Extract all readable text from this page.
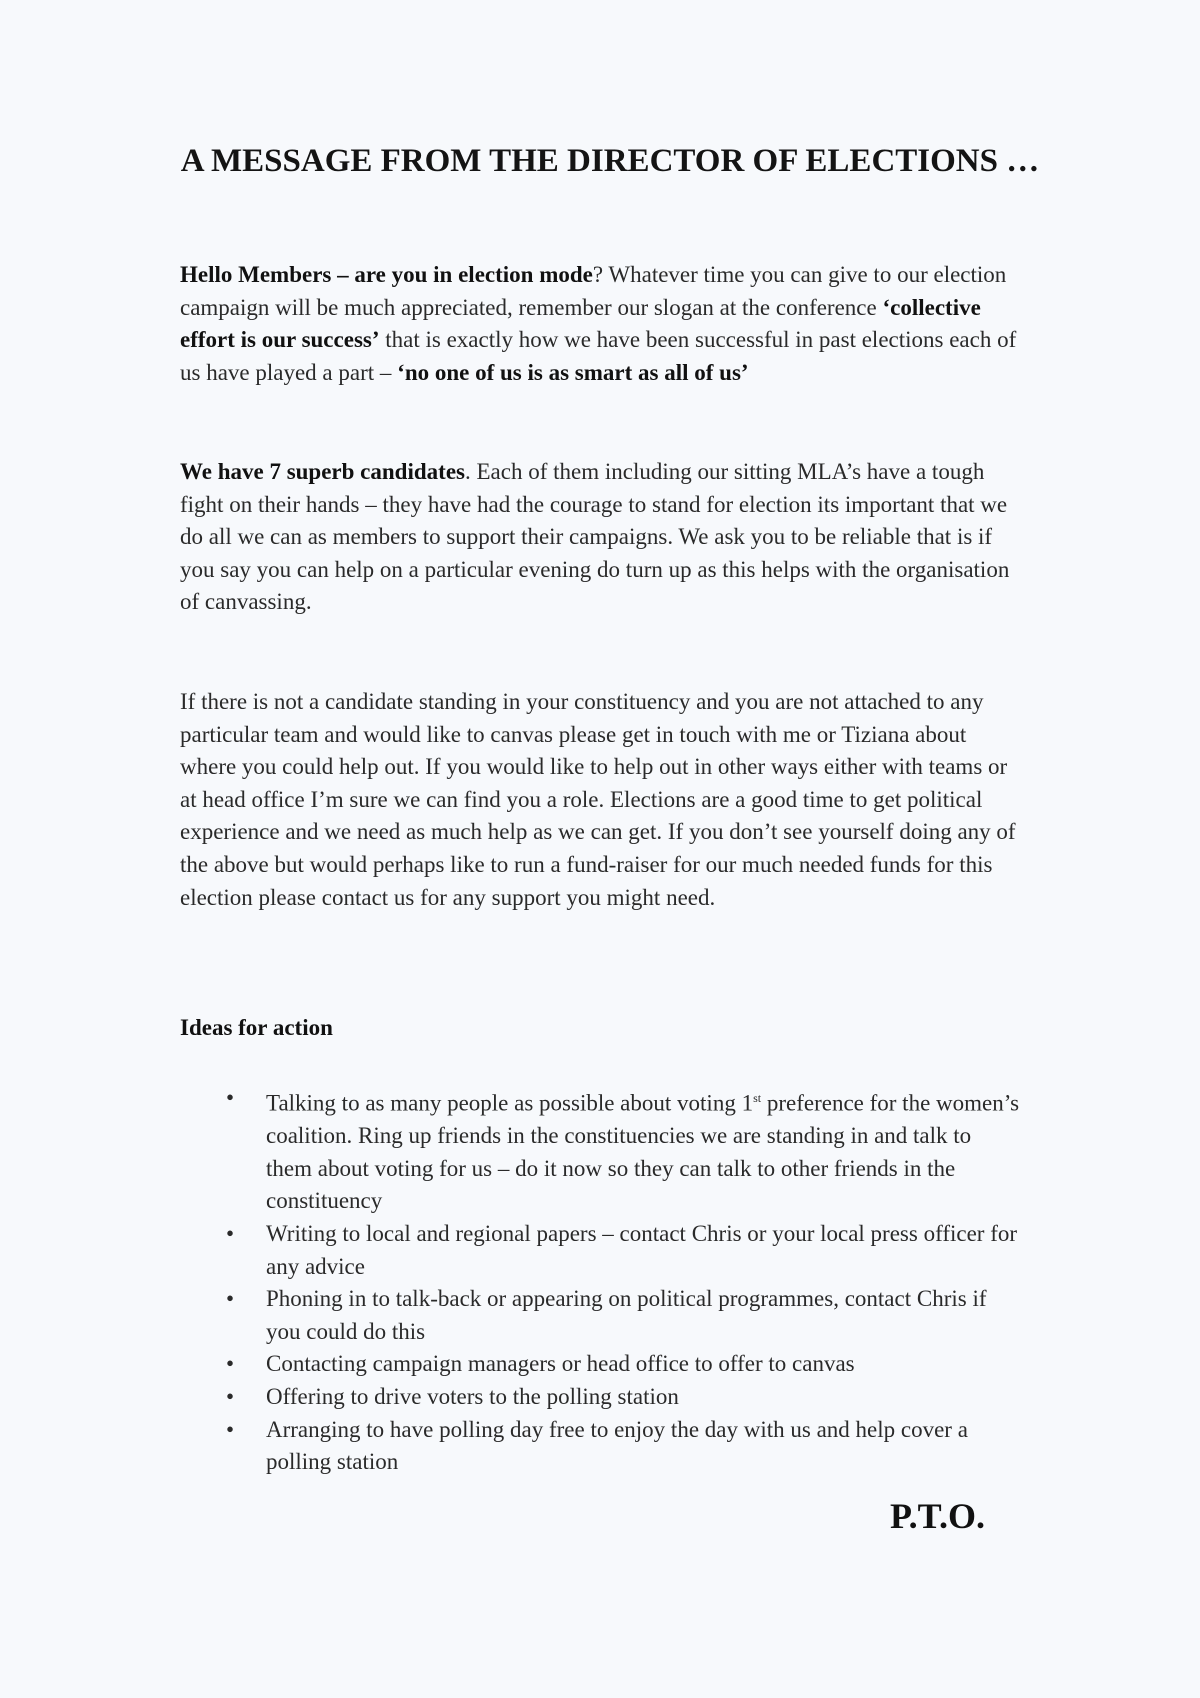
A MESSAGE FROM THE DIRECTOR OF ELECTIONS …
Hello Members – are you in election mode? Whatever time you can give to our election campaign will be much appreciated, remember our slogan at the conference ‘collective effort is our success’ that is exactly how we have been successful in past elections each of us have played a part – ‘no one of us is as smart as all of us’
We have 7 superb candidates. Each of them including our sitting MLA’s have a tough fight on their hands – they have had the courage to stand for election its important that we do all we can as members to support their campaigns. We ask you to be reliable that is if you say you can help on a particular evening do turn up as this helps with the organisation of canvassing.
If there is not a candidate standing in your constituency and you are not attached to any particular team and would like to canvas please get in touch with me or Tiziana about where you could help out. If you would like to help out in other ways either with teams or at head office I’m sure we can find you a role. Elections are a good time to get political experience and we need as much help as we can get. If you don’t see yourself doing any of the above but would perhaps like to run a fund-raiser for our much needed funds for this election please contact us for any support you might need.
Ideas for action
• Talking to as many people as possible about voting 1st preference for the women’s coalition. Ring up friends in the constituencies we are standing in and talk to them about voting for us – do it now so they can talk to other friends in the constituency
• Writing to local and regional papers – contact Chris or your local press officer for any advice
• Phoning in to talk-back or appearing on political programmes, contact Chris if you could do this
• Contacting campaign managers or head office to offer to canvas
• Offering to drive voters to the polling station
• Arranging to have polling day free to enjoy the day with us and help cover a polling station
P.T.O.
